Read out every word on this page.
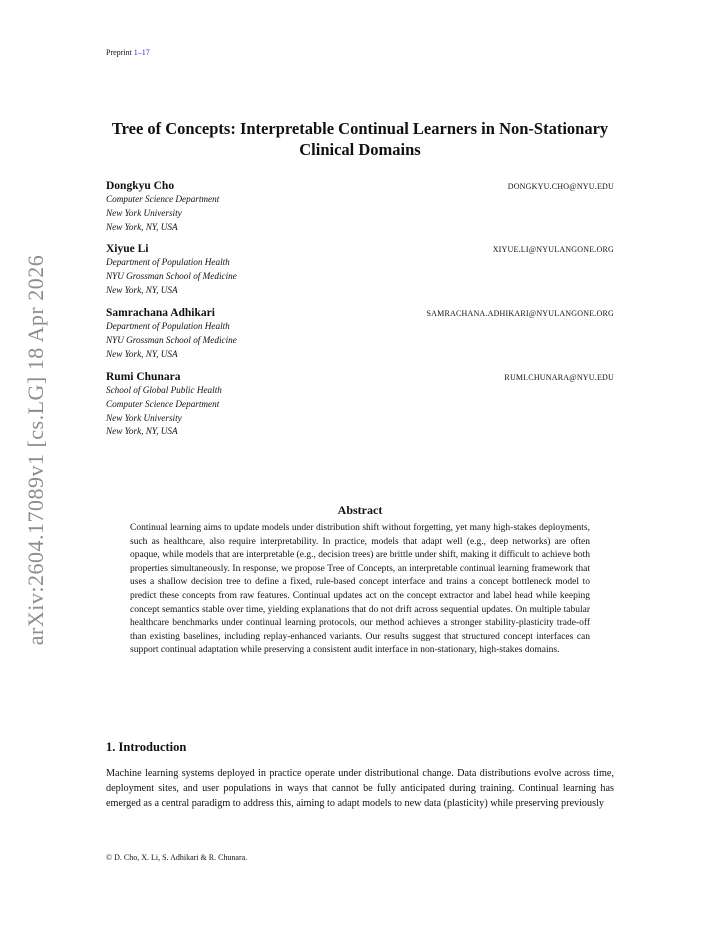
Preprint 1–17
arXiv:2604.17089v1 [cs.LG] 18 Apr 2026
Tree of Concepts: Interpretable Continual Learners in Non-Stationary Clinical Domains
Dongkyu Cho	DONGKYU.CHO@NYU.EDU
Computer Science Department
New York University
New York, NY, USA
Xiyue Li	XIYUE.LI@NYULANGONE.ORG
Department of Population Health
NYU Grossman School of Medicine
New York, NY, USA
Samrachana Adhikari	SAMRACHANA.ADHIKARI@NYULANGONE.ORG
Department of Population Health
NYU Grossman School of Medicine
New York, NY, USA
Rumi Chunara	RUMI.CHUNARA@NYU.EDU
School of Global Public Health
Computer Science Department
New York University
New York, NY, USA
Abstract
Continual learning aims to update models under distribution shift without forgetting, yet many high-stakes deployments, such as healthcare, also require interpretability. In practice, models that adapt well (e.g., deep networks) are often opaque, while models that are interpretable (e.g., decision trees) are brittle under shift, making it difficult to achieve both properties simultaneously. In response, we propose Tree of Concepts, an interpretable continual learning framework that uses a shallow decision tree to define a fixed, rule-based concept interface and trains a concept bottleneck model to predict these concepts from raw features. Continual updates act on the concept extractor and label head while keeping concept semantics stable over time, yielding explanations that do not drift across sequential updates. On multiple tabular healthcare benchmarks under continual learning protocols, our method achieves a stronger stability-plasticity trade-off than existing baselines, including replay-enhanced variants. Our results suggest that structured concept interfaces can support continual adaptation while preserving a consistent audit interface in non-stationary, high-stakes domains.
1. Introduction
Machine learning systems deployed in practice operate under distributional change. Data distributions evolve across time, deployment sites, and user populations in ways that cannot be fully anticipated during training. Continual learning has emerged as a central paradigm to address this, aiming to adapt models to new data (plasticity) while preserving previously
© D. Cho, X. Li, S. Adhikari & R. Chunara.
